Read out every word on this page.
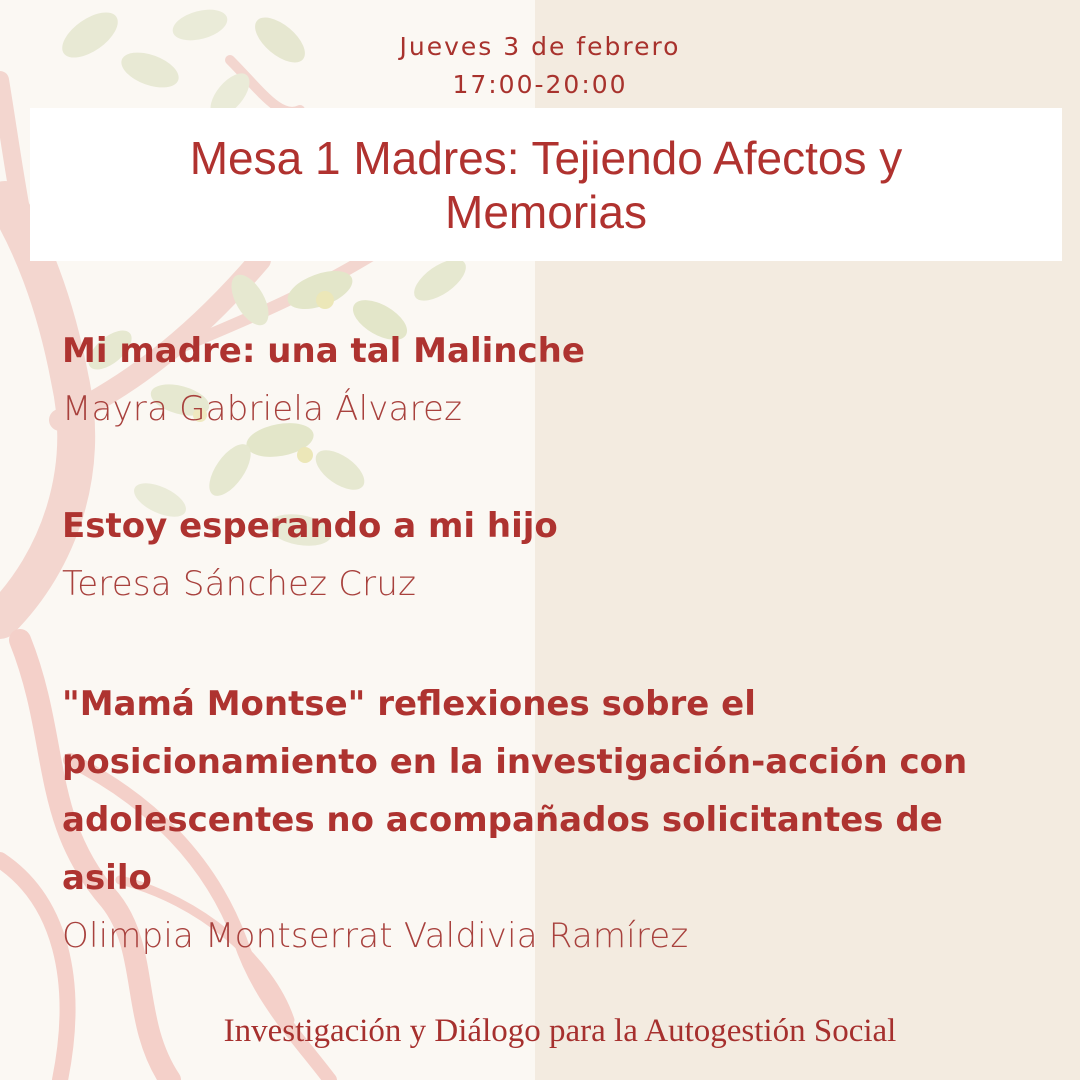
Jueves 3 de febrero
17:00-20:00
Mesa 1 Madres: Tejiendo Afectos y Memorias
Mi madre: una tal Malinche
Mayra Gabriela Álvarez
Estoy esperando a mi hijo
Teresa Sánchez Cruz
"Mamá Montse" reflexiones sobre el posicionamiento en la investigación-acción con adolescentes no acompañados solicitantes de asilo
Olimpia Montserrat Valdivia Ramírez
Investigación y Diálogo para la Autogestión Social
